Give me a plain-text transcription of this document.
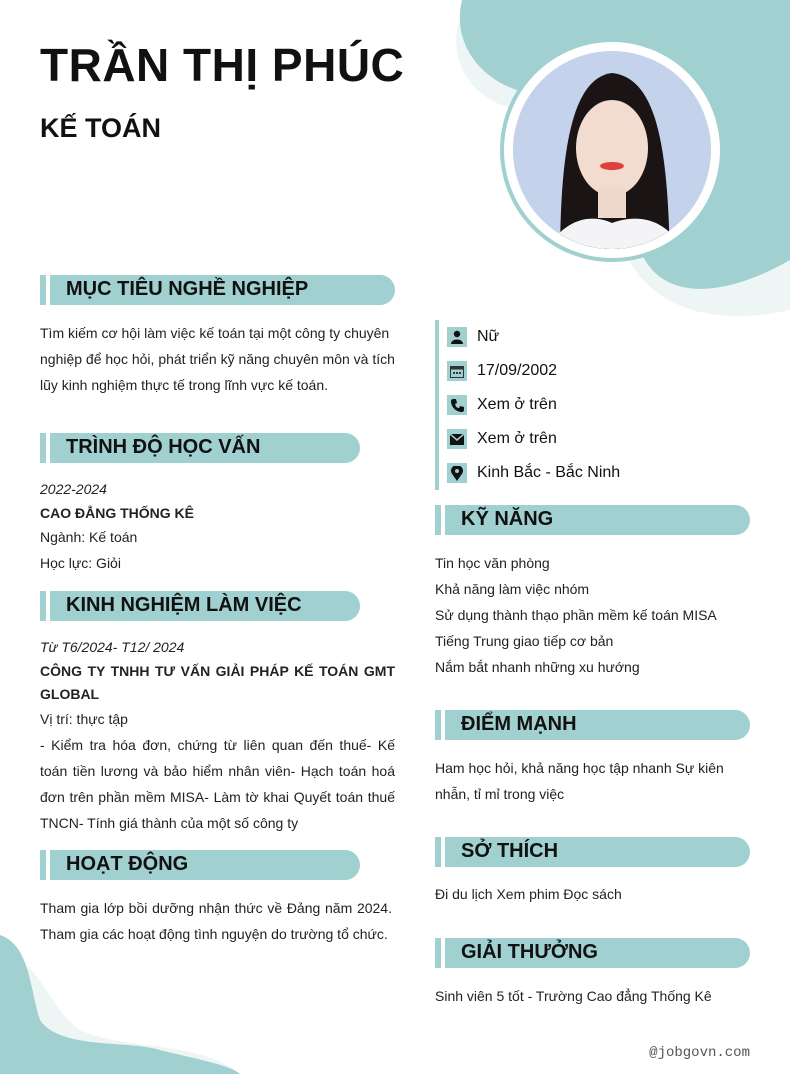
TRẦN THỊ PHÚC
KẾ TOÁN
MỤC TIÊU NGHỀ NGHIỆP
Tìm kiếm cơ hội làm việc kế toán tại một công ty chuyên nghiệp để học hỏi, phát triển kỹ năng chuyên môn và tích lũy kinh nghiệm thực tế trong lĩnh vực kế toán.
TRÌNH ĐỘ HỌC VẤN
2022-2024
CAO ĐẲNG THỐNG KÊ
Ngành: Kế toán
Học lực: Giỏi
KINH NGHIỆM LÀM VIỆC
Từ T6/2024- T12/ 2024
CÔNG TY TNHH TƯ VẤN GIẢI PHÁP KẾ TOÁN GMT GLOBAL
Vị trí: thực tập
- Kiểm tra hóa đơn, chứng từ liên quan đến thuế- Kế toán tiền lương và bảo hiểm nhân viên- Hạch toán hoá đơn trên phần mềm MISA- Làm tờ khai Quyết toán thuế TNCN- Tính giá thành của một số công ty
HOẠT ĐỘNG
Tham gia lớp bồi dưỡng nhận thức về Đảng năm 2024. Tham gia các hoạt động tình nguyện do trường tổ chức.
Nữ
17/09/2002
Xem ở trên
Xem ở trên
Kinh Bắc - Bắc Ninh
KỸ NĂNG
Tin học văn phòng
Khả năng làm việc nhóm
Sử dụng thành thạo phần mềm kế toán MISA
Tiếng Trung giao tiếp cơ bản
Nắm bắt nhanh những xu hướng
ĐIỂM MẠNH
Ham học hỏi, khả năng học tập nhanh Sự kiên nhẫn, tỉ mỉ trong việc
SỞ THÍCH
Đi du lịch Xem phim Đọc sách
GIẢI THƯỞNG
Sinh viên 5 tốt - Trường Cao đẳng Thống Kê
@jobgovn.com
